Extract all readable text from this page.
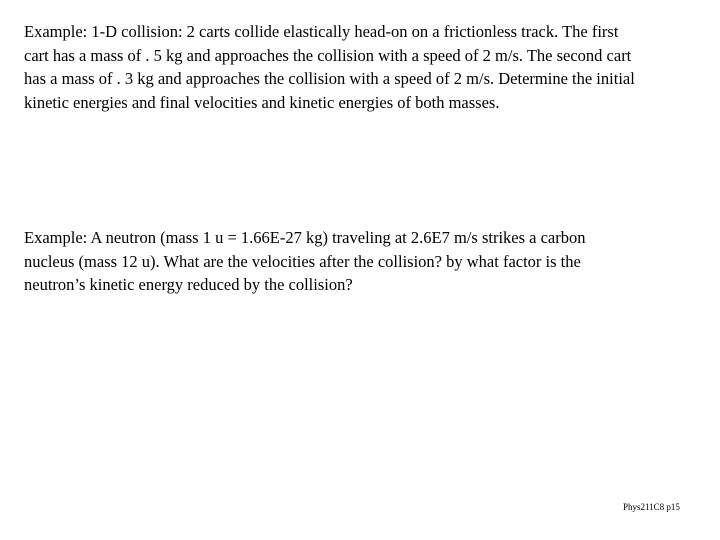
Example: 1-D collision: 2 carts collide elastically head-on on a frictionless track. The first
cart has a mass of . 5 kg and approaches the collision with a speed of 2 m/s. The second cart
has a mass of . 3 kg and approaches the collision with a speed of 2 m/s. Determine the initial
kinetic energies and final velocities and kinetic energies of both masses.

Example: A neutron (mass 1 u = 1.66E-27 kg) traveling at 2.6E7 m/s strikes a carbon
nucleus (mass 12 u). What are the velocities after the collision? by what factor is the
neutron’s kinetic energy reduced by the collision?

Phys211C8 p15
